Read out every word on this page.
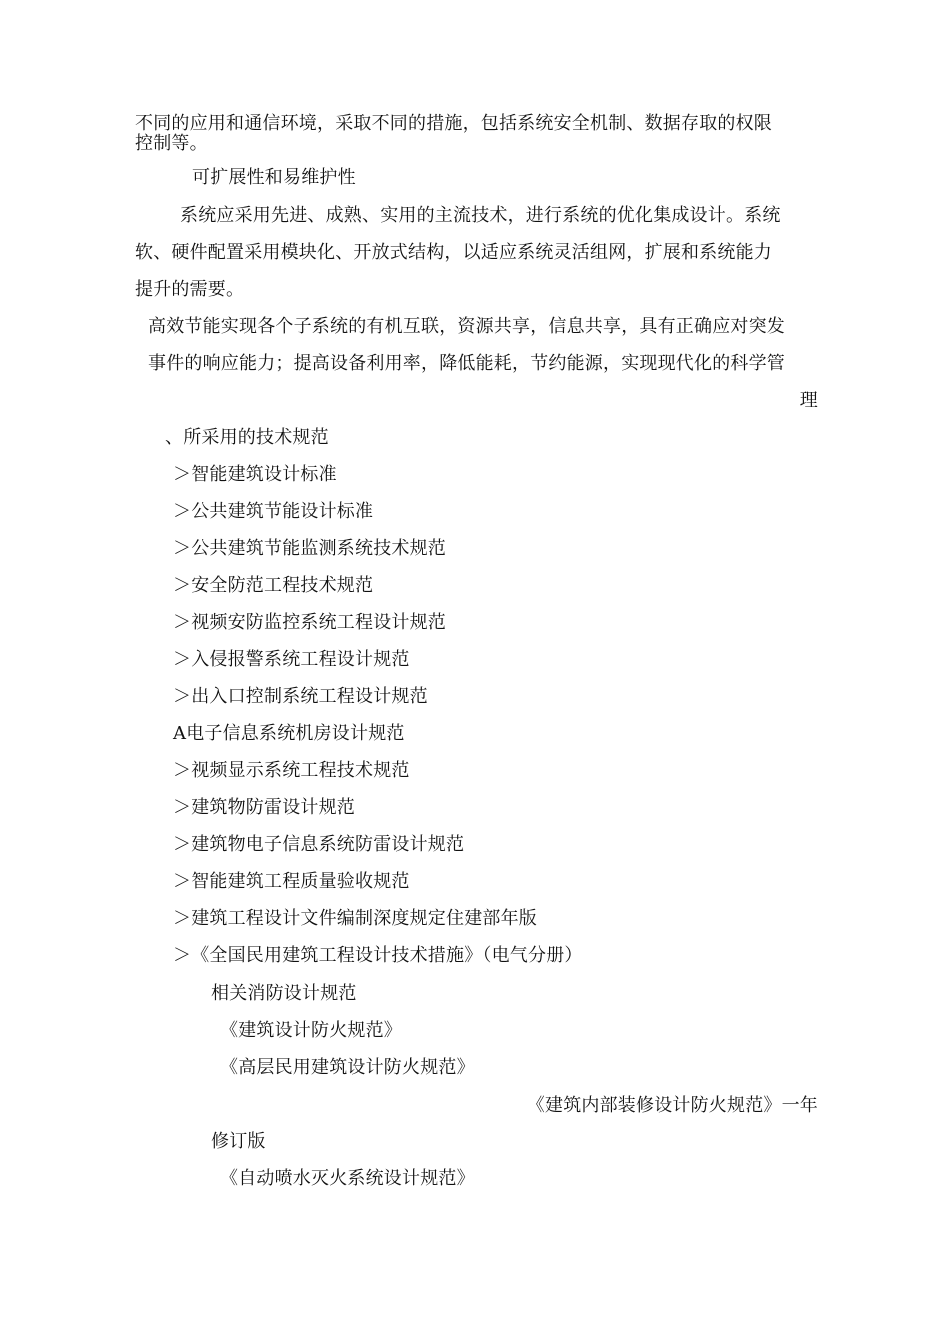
不同的应用和通信环境，采取不同的措施，包括系统安全机制、数据存取的权限
控制等。
可扩展性和易维护性
系统应采用先进、成熟、实用的主流技术，进行系统的优化集成设计。系统
软、硬件配置采用模块化、开放式结构，以适应系统灵活组网，扩展和系统能力
提升的需要。
高效节能实现各个子系统的有机互联，资源共享，信息共享，具有正确应对突发
事件的响应能力；提高设备利用率，降低能耗，节约能源，实现现代化的科学管
理
、所采用的技术规范
＞智能建筑设计标准
＞公共建筑节能设计标准
＞公共建筑节能监测系统技术规范
＞安全防范工程技术规范
＞视频安防监控系统工程设计规范
＞入侵报警系统工程设计规范
＞出入口控制系统工程设计规范
A电子信息系统机房设计规范
＞视频显示系统工程技术规范
＞建筑物防雷设计规范
＞建筑物电子信息系统防雷设计规范
＞智能建筑工程质量验收规范
＞建筑工程设计文件编制深度规定住建部年版
＞《全国民用建筑工程设计技术措施》（电气分册）
相关消防设计规范
《建筑设计防火规范》
《高层民用建筑设计防火规范》
《建筑内部装修设计防火规范》一年
修订版
《自动喷水灭火系统设计规范》
